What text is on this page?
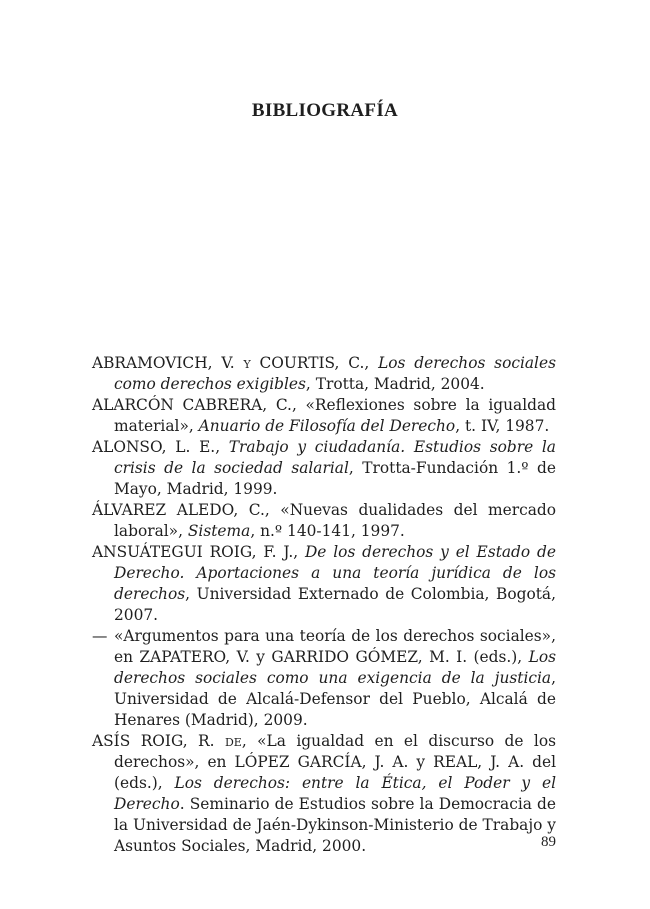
BIBLIOGRAFÍA
ABRAMOVICH, V. y COURTIS, C., Los derechos sociales como derechos exigibles, Trotta, Madrid, 2004.
ALARCÓN CABRERA, C., «Reflexiones sobre la igualdad material», Anuario de Filosofía del Derecho, t. IV, 1987.
ALONSO, L. E., Trabajo y ciudadanía. Estudios sobre la crisis de la sociedad salarial, Trotta-Fundación 1.º de Mayo, Madrid, 1999.
ÁLVAREZ ALEDO, C., «Nuevas dualidades del mercado laboral», Sistema, n.º 140-141, 1997.
ANSUÁTEGUI ROIG, F. J., De los derechos y el Estado de Derecho. Aportaciones a una teoría jurídica de los derechos, Universidad Externado de Colombia, Bogotá, 2007.
— «Argumentos para una teoría de los derechos sociales», en ZAPATERO, V. y GARRIDO GÓMEZ, M. I. (eds.), Los derechos sociales como una exigencia de la justicia, Universidad de Alcalá-Defensor del Pueblo, Alcalá de Henares (Madrid), 2009.
ASÍS ROIG, R. de, «La igualdad en el discurso de los derechos», en LÓPEZ GARCÍA, J. A. y REAL, J. A. del (eds.), Los derechos: entre la Ética, el Poder y el Derecho. Seminario de Estudios sobre la Democracia de la Universidad de Jaén-Dykinson-Ministerio de Trabajo y Asuntos Sociales, Madrid, 2000.	89
